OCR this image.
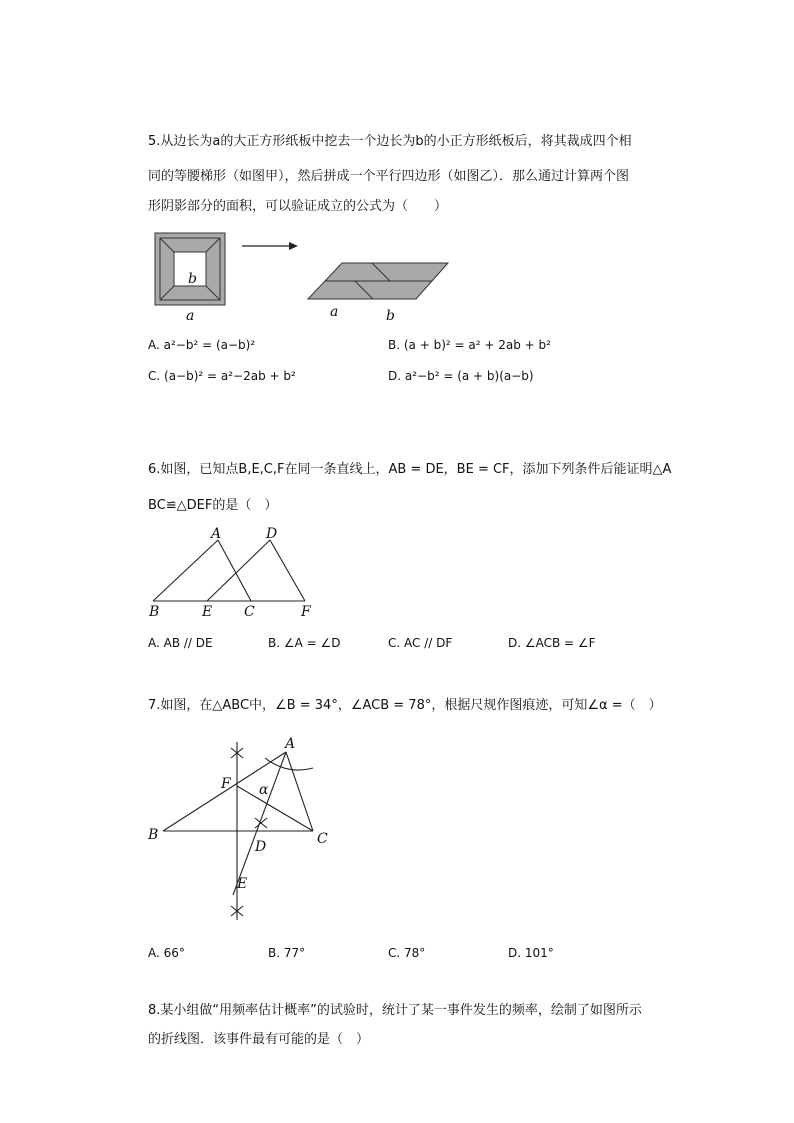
5.从边长为a的大正方形纸板中挖去一个边长为b的小正方形纸板后，将其裁成四个相
同的等腰梯形（如图甲），然后拼成一个平行四边形（如图乙）．那么通过计算两个图
形阴影部分的面积，可以验证成立的公式为（　　）
b
a	a	b
A. a²−b² = (a−b)²	B. (a + b)² = a² + 2ab + b²
C. (a−b)² = a²−2ab + b²	D. a²−b² = (a + b)(a−b)
6.如图，已知点B,E,C,F在同一条直线上，AB = DE，BE = CF，添加下列条件后能证明△A
BC≌△DEF的是（　）
A	D
B	E C	F
A. AB // DE	B. ∠A = ∠D	C. AC // DF	D. ∠ACB = ∠F
7.如图，在△ABC中，∠B = 34°，∠ACB = 78°，根据尺规作图痕迹，可知∠α =（　）
A
F α
B	C
D
E
A. 66°	B. 77°	C. 78°	D. 101°
8.某小组做“用频率估计概率”的试验时，统计了某一事件发生的频率，绘制了如图所示
的折线图．该事件最有可能的是（　）
